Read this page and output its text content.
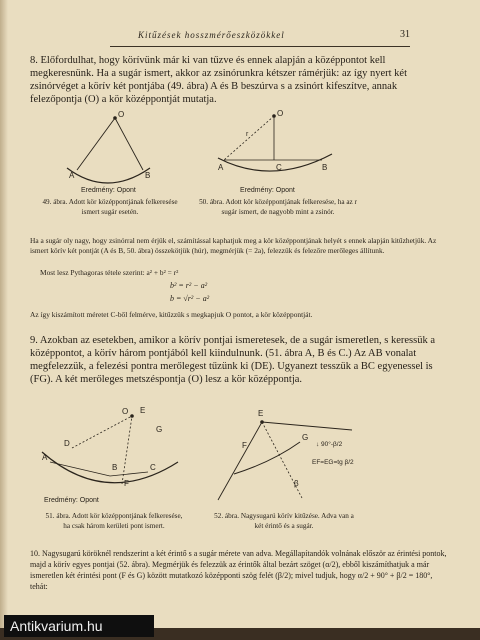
Kitűzések hosszmérőeszközökkel	31
8. Előfordulhat, hogy körívünk már ki van tűzve és ennek alapján a középpontot kell megkeresnünk. Ha a sugár ismert, akkor az zsinórunkra kétszer rámérjük: az így nyert két zsinórvéget a körív két pontjába (49. ábra) A és B beszúrva s a zsinórt kifeszítve, annak felezőpontja (O) a kör középpontját mutatja.
O
A	B
Eredmény: Opont
49. ábra. Adott kör középpontjának felkeresése ismert sugár esetén.
O
r
C
A	B
Eredmény: Opont
50. ábra. Adott kör középpontjának felkeresése, ha az r sugár ismert, de nagyobb mint a zsinór.
Ha a sugár oly nagy, hogy zsinórral nem érjük el, számítással kaphatjuk meg a kör középpontjának helyét s ennek alapján kitűzhetjük. Az ismert körív két pontját (A és B, 50. ábra) összekötjük (húr), megmérjük (= 2a), felezzük és felezőre merőleges állítunk.
Most lesz Pythagoras tétele szerint: a² + b² = r²
b² = r² − a²
b = √r² − a²
Az így kiszámított méretet C-ből felmérve, kitűzzük s megkapjuk O pontot, a kör középpontját.
9. Azokban az esetekben, amikor a körív pontjai ismeretesek, de a sugár ismeretlen, s keressük a középpontot, a körív három pontjából kell kiindulnunk. (51. ábra A, B és C.) Az AB vonalat megfelezzük, a felezési pontra merőlegest tűzünk ki (DE). Ugyanezt tesszük a BC egyenessel is (FG). A két merőleges metszéspontja (O) lesz a kör középpontja.
O E
D
A
B
F
G
C
Eredmény: Opont
51. ábra. Adott kör középpontjának felkeresése, ha csak három kerületi pont ismert.
E
F
G
β
↓ 90°-β/2
EF=EG=tg β/2
52. ábra. Nagysugarú körív kitűzése. Adva van a két érintő és a sugár.
10. Nagysugarú köröknél rendszerint a két érintő s a sugár mérete van adva. Megállapítandók volnának először az érintési pontok, majd a körív egyes pontjai (52. ábra). Megmérjük és felezzük az érintők által bezárt szöget (α/2), ebből kiszámíthatjuk a már ismeretlen két érintési pont (F és G) között mutatkozó középponti szög felét (β/2); mivel tudjuk, hogy α/2 + 90° + β/2 = 180°, tehát:
Antikvarium.hu
